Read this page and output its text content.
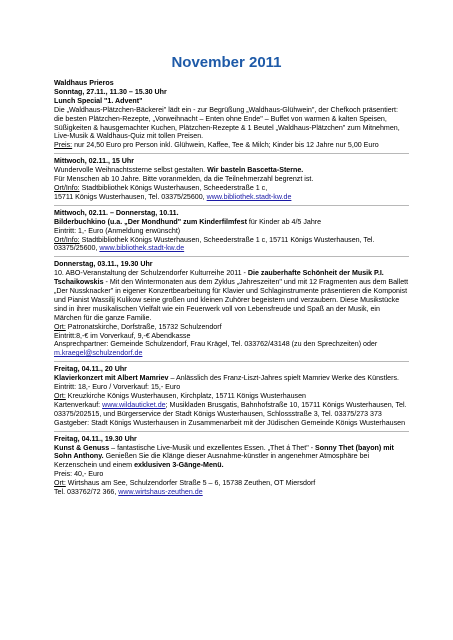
November 2011
Waldhaus Prieros
Sonntag, 27.11., 11.30 – 15.30 Uhr
Lunch Special "1. Advent"
Die „Waldhaus-Plätzchen-Bäckerei" lädt ein - zur Begrüßung „Waldhaus-Glühwein", der Chefkoch präsentiert: die besten Plätzchen-Rezepte, „Vorweihnacht – Enten ohne Ende" – Buffet von warmen & kalten Speisen, Süßigkeiten & hausgemachter Kuchen, Plätzchen-Rezepte & 1 Beutel „Waldhaus-Plätzchen" zum Mitnehmen, Live-Musik & Waldhaus-Quiz mit tollen Preisen.
Preis: nur 24,50 Euro pro Person inkl. Glühwein, Kaffee, Tee & Milch; Kinder bis 12 Jahre nur 5,00 Euro
Mittwoch, 02.11., 15 Uhr
Wundervolle Weihnachtssterne selbst gestalten. Wir basteln Bascetta-Sterne.
Für Menschen ab 10 Jahre. Bitte voranmelden, da die Teilnehmerzahl begrenzt ist.
Ort/Info: Stadtbibliothek Königs Wusterhausen, Scheederstraße 1 c,
15711 Königs Wusterhausen, Tel. 03375/25600, www.bibliothek.stadt-kw.de
Mittwoch, 02.11. – Donnerstag, 10.11.
Bilderbuchkino (u.a. „Der Mondhund" zum Kinderfilmfest für Kinder ab 4/5 Jahre
Eintritt: 1,- Euro (Anmeldung erwünscht)
Ort/Info: Stadtbibliothek Königs Wusterhausen, Scheederstraße 1 c, 15711 Königs Wusterhausen, Tel. 03375/25600, www.bibliothek.stadt-kw.de
Donnerstag, 03.11., 19.30 Uhr
10. ABO-Veranstaltung der Schulzendorfer Kulturreihe 2011 - Die zauberhafte Schönheit der Musik P.I. Tschaikowskis - Mit den Wintermonaten aus dem Zyklus „Jahreszeiten" und mit 12 Fragmenten aus dem Ballett „Der Nussknacker" in eigener Konzertbearbeitung für Klavier und Schlaginstrumente präsentieren die Komponist und Pianist Wassilij Kulikow seine großen und kleinen Zuhörer begeistern und verzaubern. Diese Musikstücke sind in ihrer musikalischen Vielfalt wie ein Feuerwerk voll von Lebensfreude und Spaß an der Musik, ein Märchen für die ganze Familie.
Ort: Patronatskirche, Dorfstraße, 15732 Schulzendorf
Eintritt:8,-€ im Vorverkauf, 9,-€ Abendkasse
Ansprechpartner: Gemeinde Schulzendorf, Frau Krägel, Tel. 033762/43148 (zu den Sprechzeiten) oder m.kraegel@schulzendorf.de
Freitag, 04.11., 20 Uhr
Klavierkonzert mit Albert Mamriev – Anlässlich des Franz-Liszt-Jahres spielt Mamriev Werke des Künstlers.
Eintritt: 18,- Euro / Vorverkauf: 15,- Euro
Ort: Kreuzkirche Königs Wusterhausen, Kirchplatz, 15711 Königs Wusterhausen
Kartenverkauf: www.wildauticket.de; Musikladen Brusgatis, Bahnhofstraße 10, 15711 Königs Wusterhausen, Tel. 03375/202515, und Bürgerservice der Stadt Königs Wusterhausen, Schlossstraße 3, Tel. 03375/273 373
Gastgeber: Stadt Königs Wusterhausen in Zusammenarbeit mit der Jüdischen Gemeinde Königs Wusterhausen
Freitag, 04.11., 19.30 Uhr
Kunst & Genuss – fantastische Live-Musik und exzellentes Essen. „Thet á Thet" - Sonny Thet (bayon) mit Sohn Anthony. Genießen Sie die Klänge dieser Ausnahme-künstler in angenehmer Atmosphäre bei Kerzenschein und einem exklusiven 3-Gänge-Menü.
Preis: 40,- Euro
Ort: Wirtshaus am See, Schulzendorfer Straße 5 – 6, 15738 Zeuthen, OT Miersdorf
Tel. 033762/72 366, www.wirtshaus-zeuthen.de
